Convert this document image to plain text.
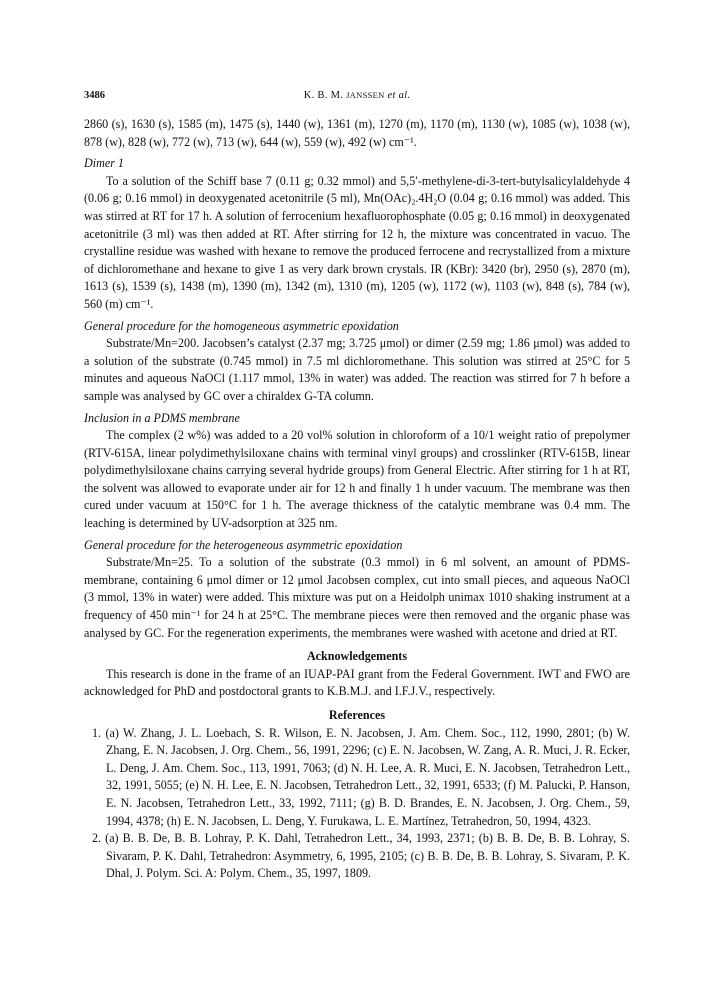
3486	K. B. M. JANSSEN et al.

2860 (s), 1630 (s), 1585 (m), 1475 (s), 1440 (w), 1361 (m), 1270 (m), 1170 (m), 1130 (w), 1085 (w), 1038 (w), 878 (w), 828 (w), 772 (w), 713 (w), 644 (w), 559 (w), 492 (w) cm⁻¹.

Dimer 1

To a solution of the Schiff base 7 (0.11 g; 0.32 mmol) and 5,5′-methylene-di-3-tert-butylsalicylaldehyde 4 (0.06 g; 0.16 mmol) in deoxygenated acetonitrile (5 ml), Mn(OAc)₂.4H₂O (0.04 g; 0.16 mmol) was added. This was stirred at RT for 17 h. A solution of ferrocenium hexafluorophosphate (0.05 g; 0.16 mmol) in deoxygenated acetonitrile (3 ml) was then added at RT. After stirring for 12 h, the mixture was concentrated in vacuo. The crystalline residue was washed with hexane to remove the produced ferrocene and recrystallized from a mixture of dichloromethane and hexane to give 1 as very dark brown crystals. IR (KBr): 3420 (br), 2950 (s), 2870 (m), 1613 (s), 1539 (s), 1438 (m), 1390 (m), 1342 (m), 1310 (m), 1205 (w), 1172 (w), 1103 (w), 848 (s), 784 (w), 560 (m) cm⁻¹.

General procedure for the homogeneous asymmetric epoxidation

Substrate/Mn=200. Jacobsen’s catalyst (2.37 mg; 3.725 μmol) or dimer (2.59 mg; 1.86 μmol) was added to a solution of the substrate (0.745 mmol) in 7.5 ml dichloromethane. This solution was stirred at 25°C for 5 minutes and aqueous NaOCl (1.117 mmol, 13% in water) was added. The reaction was stirred for 7 h before a sample was analysed by GC over a chiraldex G-TA column.

Inclusion in a PDMS membrane

The complex (2 w%) was added to a 20 vol% solution in chloroform of a 10/1 weight ratio of prepolymer (RTV-615A, linear polydimethylsiloxane chains with terminal vinyl groups) and crosslinker (RTV-615B, linear polydimethylsiloxane chains carrying several hydride groups) from General Electric. After stirring for 1 h at RT, the solvent was allowed to evaporate under air for 12 h and finally 1 h under vacuum. The membrane was then cured under vacuum at 150°C for 1 h. The average thickness of the catalytic membrane was 0.4 mm. The leaching is determined by UV-adsorption at 325 nm.

General procedure for the heterogeneous asymmetric epoxidation

Substrate/Mn=25. To a solution of the substrate (0.3 mmol) in 6 ml solvent, an amount of PDMS-membrane, containing 6 μmol dimer or 12 μmol Jacobsen complex, cut into small pieces, and aqueous NaOCl (3 mmol, 13% in water) were added. This mixture was put on a Heidolph unimax 1010 shaking instrument at a frequency of 450 min⁻¹ for 24 h at 25°C. The membrane pieces were then removed and the organic phase was analysed by GC. For the regeneration experiments, the membranes were washed with acetone and dried at RT.

Acknowledgements

This research is done in the frame of an IUAP-PAI grant from the Federal Government. IWT and FWO are acknowledged for PhD and postdoctoral grants to K.B.M.J. and I.F.J.V., respectively.

References
1. (a) W. Zhang, J. L. Loebach, S. R. Wilson, E. N. Jacobsen, J. Am. Chem. Soc., 112, 1990, 2801; (b) W. Zhang, E. N. Jacobsen, J. Org. Chem., 56, 1991, 2296; (c) E. N. Jacobsen, W. Zang, A. R. Muci, J. R. Ecker, L. Deng, J. Am. Chem. Soc., 113, 1991, 7063; (d) N. H. Lee, A. R. Muci, E. N. Jacobsen, Tetrahedron Lett., 32, 1991, 5055; (e) N. H. Lee, E. N. Jacobsen, Tetrahedron Lett., 32, 1991, 6533; (f) M. Palucki, P. Hanson, E. N. Jacobsen, Tetrahedron Lett., 33, 1992, 7111; (g) B. D. Brandes, E. N. Jacobsen, J. Org. Chem., 59, 1994, 4378; (h) E. N. Jacobsen, L. Deng, Y. Furukawa, L. E. Martínez, Tetrahedron, 50, 1994, 4323.
2. (a) B. B. De, B. B. Lohray, P. K. Dahl, Tetrahedron Lett., 34, 1993, 2371; (b) B. B. De, B. B. Lohray, S. Sivaram, P. K. Dahl, Tetrahedron: Asymmetry, 6, 1995, 2105; (c) B. B. De, B. B. Lohray, S. Sivaram, P. K. Dhal, J. Polym. Sci. A: Polym. Chem., 35, 1997, 1809.
